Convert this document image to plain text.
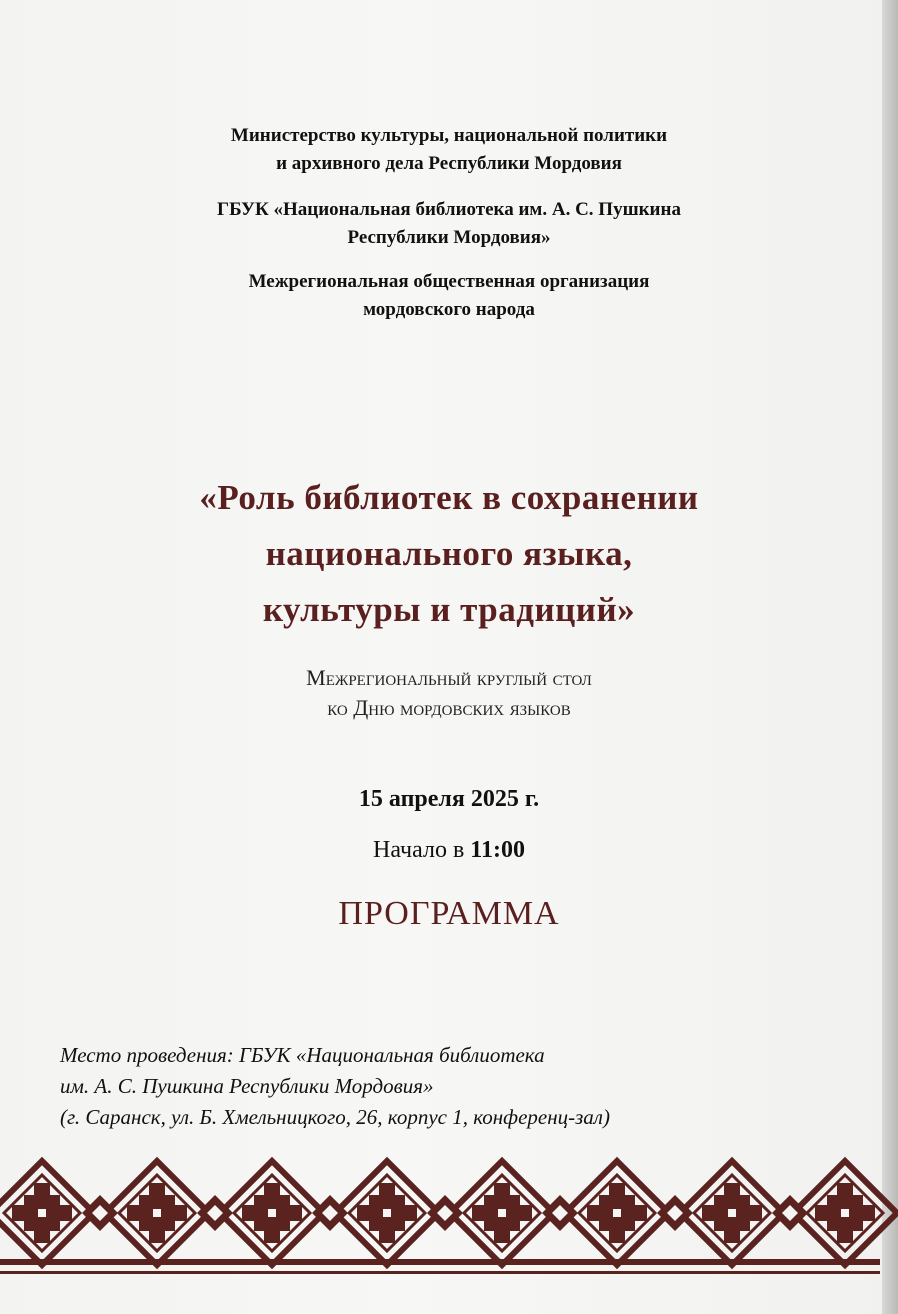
Министерство культуры, национальной политики

и архивного дела Республики Мордовия

ГБУК «Национальная библиотека им. А. С. Пушкина

Республики Мордовия»

Межрегиональная общественная организация

мордовского народа

«Роль библиотек в сохранении

национального языка,

культуры и традиций»

Межрегиональный круглый стол

ко Дню мордовских языков

15 апреля 2025 г.
Начало в 11:00
ПРОГРАММА

Место проведения: ГБУК «Национальная библиотека

им. А. С. Пушкина Республики Мордовия»

(г. Саранск, ул. Б. Хмельницкого, 26, корпус 1, конференц-зал)
